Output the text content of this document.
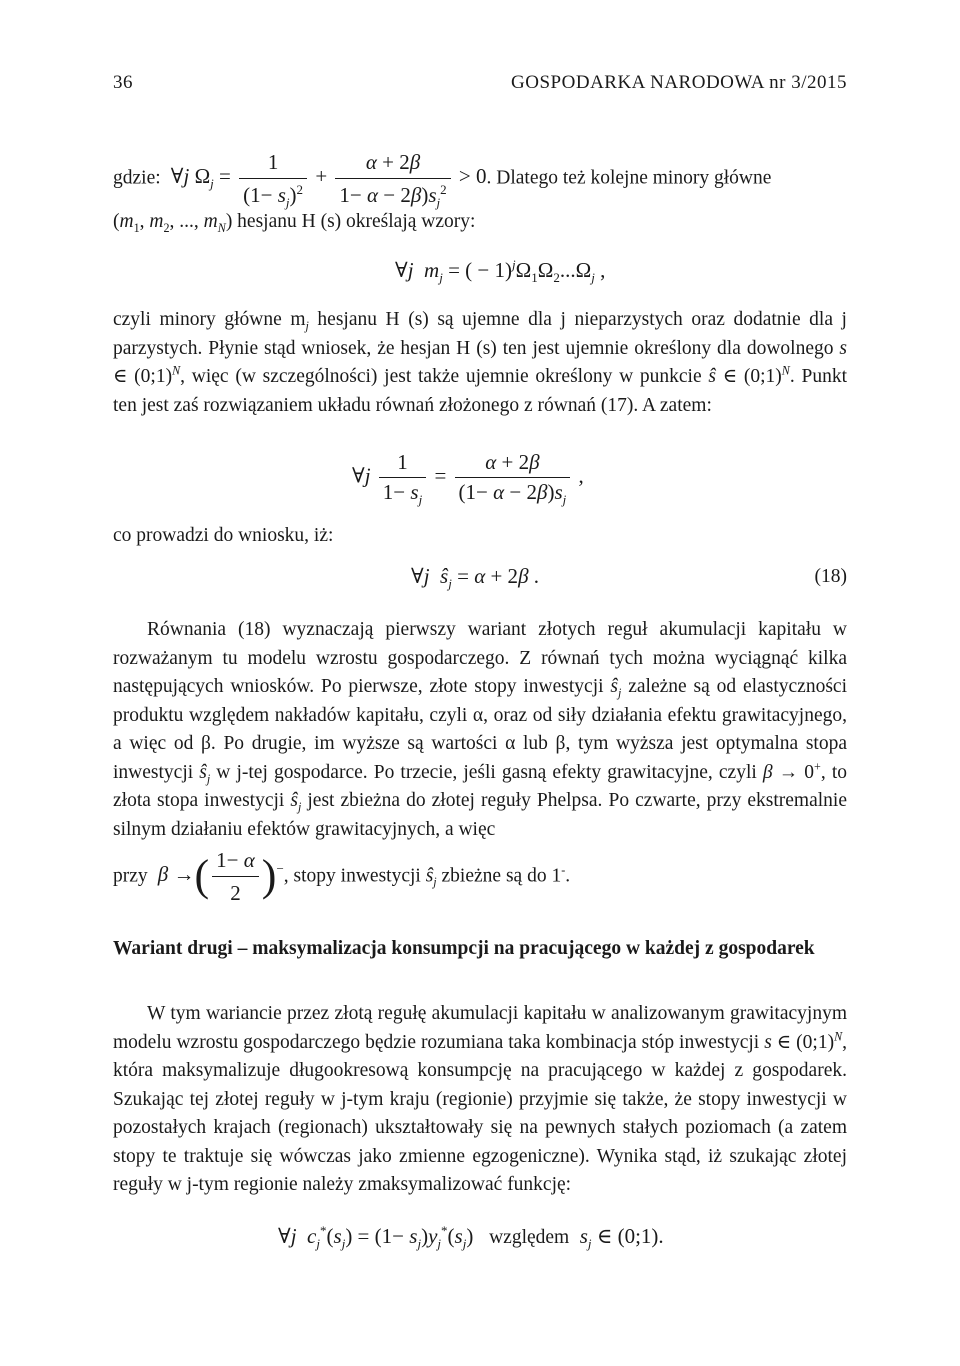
36	GOSPODARKA NARODOWA nr 3/2015
gdzie:  ∀j $\Omega_j = \frac{1}{(1- s_j)^2} + \frac{\alpha + 2\beta}{1- \alpha - 2\beta)s_j^2} > 0$. Dlatego też kolejne minory główne
($m_1$, $m_2$, ..., $m_N$) hesjanu H (s) określają wzory:
∀j $m_j$ = ( − $1)^j\Omega_1\Omega_2...\Omega_j$ ,
czyli minory główne $m_j$ hesjanu H (s) są ujemne dla j nieparzystych oraz dodatnie dla j parzystych. Płynie stąd wniosek, że hesjan H (s) ten jest ujemnie określony dla dowolnego s ∈ (0;1)$^N$, więc (w szczególności) jest także ujemnie określony w punkcie ŝ ∈ (0;1)$^N$. Punkt ten jest zaś rozwiązaniem układu równań złożonego z równań (17). A zatem:
∀j $\frac{1}{1- s_j} = \frac{\alpha + 2\beta}{(1- \alpha - 2\beta)s_j}$ ,
co prowadzi do wniosku, iż:
∀j $ŝ_j = \alpha + 2\beta$ .	(18)
Równania (18) wyznaczają pierwszy wariant złotych reguł akumulacji kapitału w rozważanym tu modelu wzrostu gospodarczego. Z równań tych można wyciągnąć kilka następujących wniosków. Po pierwsze, złote stopy inwestycji $ŝ_j$ zależne są od elastyczności produktu względem nakładów kapitału, czyli α, oraz od siły działania efektu grawitacyjnego, a więc od β. Po drugie, im wyższe są wartości α lub β, tym wyższa jest optymalna stopa inwestycji $ŝ_j$ w j-tej gospodarce. Po trzecie, jeśli gasną efekty grawitacyjne, czyli β → 0+, to złota stopa inwestycji $ŝ_j$ jest zbieżna do złotej reguły Phelpsa. Po czwarte, przy ekstremalnie silnym działaniu efektów grawitacyjnych, a więc
przy β →( $\frac{1- \alpha}{2} )^-$, stopy inwestycji $ŝ_j$ zbieżne są do 1-.
Wariant drugi – maksymalizacja konsumpcji na pracującego w każdej z gospodarek
W tym wariancie przez złotą regułę akumulacji kapitału w analizowanym grawitacyjnym modelu wzrostu gospodarczego będzie rozumiana taka kombinacja stóp inwestycji s ∈ (0;1)$^N$, która maksymalizuje długookresową konsumpcję na pracującego w każdej z gospodarek. Szukając tej złotej reguły w j-tym kraju (regionie) przyjmie się także, że stopy inwestycji w pozostałych krajach (regionach) ukształtowały się na pewnych stałych poziomach (a zatem stopy te traktuje się wówczas jako zmienne egzogeniczne). Wynika stąd, iż szukając złotej reguły w j-tym regionie należy zmaksymalizować funkcję:
∀j $c_j^*(s_j) = (1- s_j)y_j^*(s_j)$   względem $s_j$ ∈ (0;1).
